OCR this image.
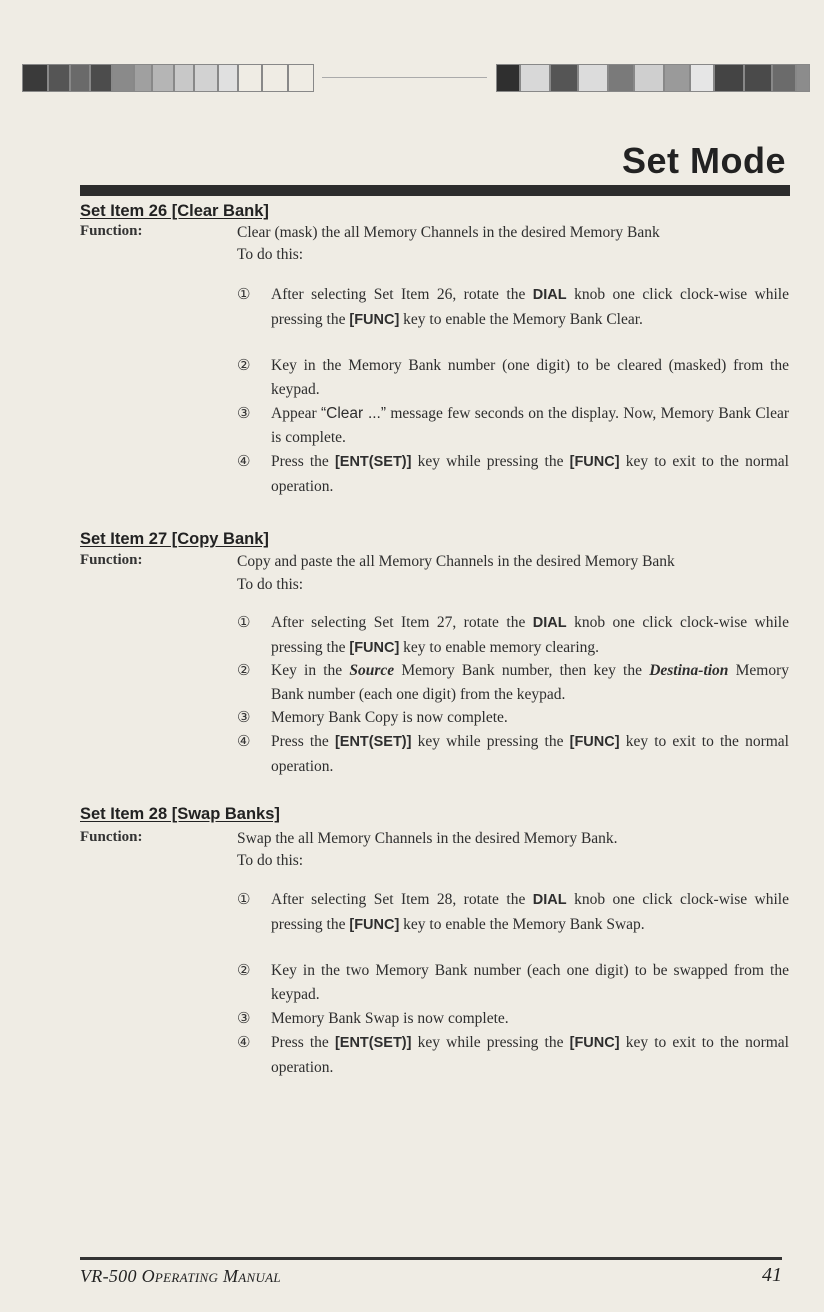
Set Mode
Set Item 26 [Clear Bank]
Function:	Clear (mask) the all Memory Channels in the desired Memory Bank
To do this:
①	After selecting Set Item 26, rotate the DIAL knob one click clock-wise while pressing the [FUNC] key to enable the Memory Bank Clear.
②	Key in the Memory Bank number (one digit) to be cleared (masked) from the keypad.
③	Appear “Clear ...” message few seconds on the display. Now, Memory Bank Clear is complete.
④	Press the [ENT(SET)] key while pressing the [FUNC] key to exit to the normal operation.
Set Item 27 [Copy Bank]
Function:	Copy and paste the all Memory Channels in the desired Memory Bank
To do this:
①	After selecting Set Item 27, rotate the DIAL knob one click clock-wise while pressing the [FUNC] key to enable memory clearing.
②	Key in the Source Memory Bank number, then key the Destina-tion Memory Bank number (each one digit) from the keypad.
③	Memory Bank Copy is now complete.
④	Press the [ENT(SET)] key while pressing the [FUNC] key to exit to the normal operation.
Set Item 28 [Swap Banks]
Function:	Swap the all Memory Channels in the desired Memory Bank.
To do this:
①	After selecting Set Item 28, rotate the DIAL knob one click clock-wise while pressing the [FUNC] key to enable the Memory Bank Swap.
②	Key in the two Memory Bank number (each one digit) to be swapped from the keypad.
③	Memory Bank Swap is now complete.
④	Press the [ENT(SET)] key while pressing the [FUNC] key to exit to the normal operation.
VR-500 Operating Manual	41
